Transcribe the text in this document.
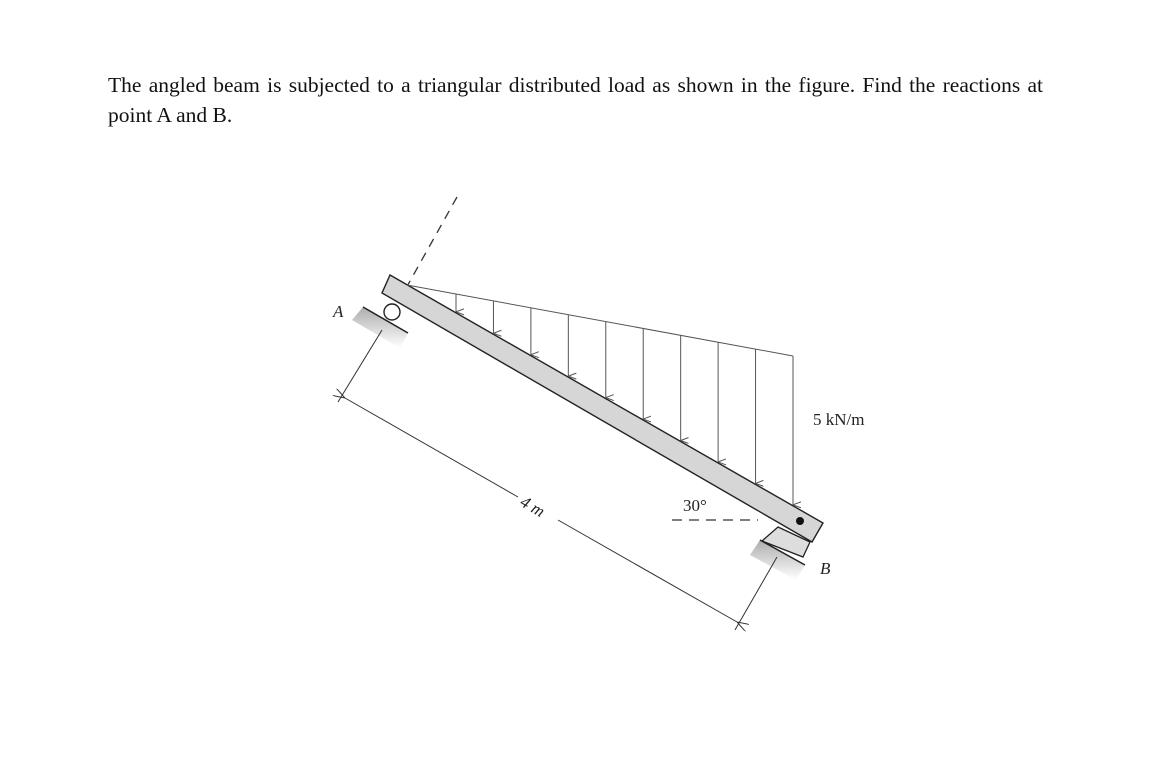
The angled beam is subjected to a triangular distributed load as shown in the figure. Find the reactions at point A and B.
4 m	30°
A
B
5 kN/m
